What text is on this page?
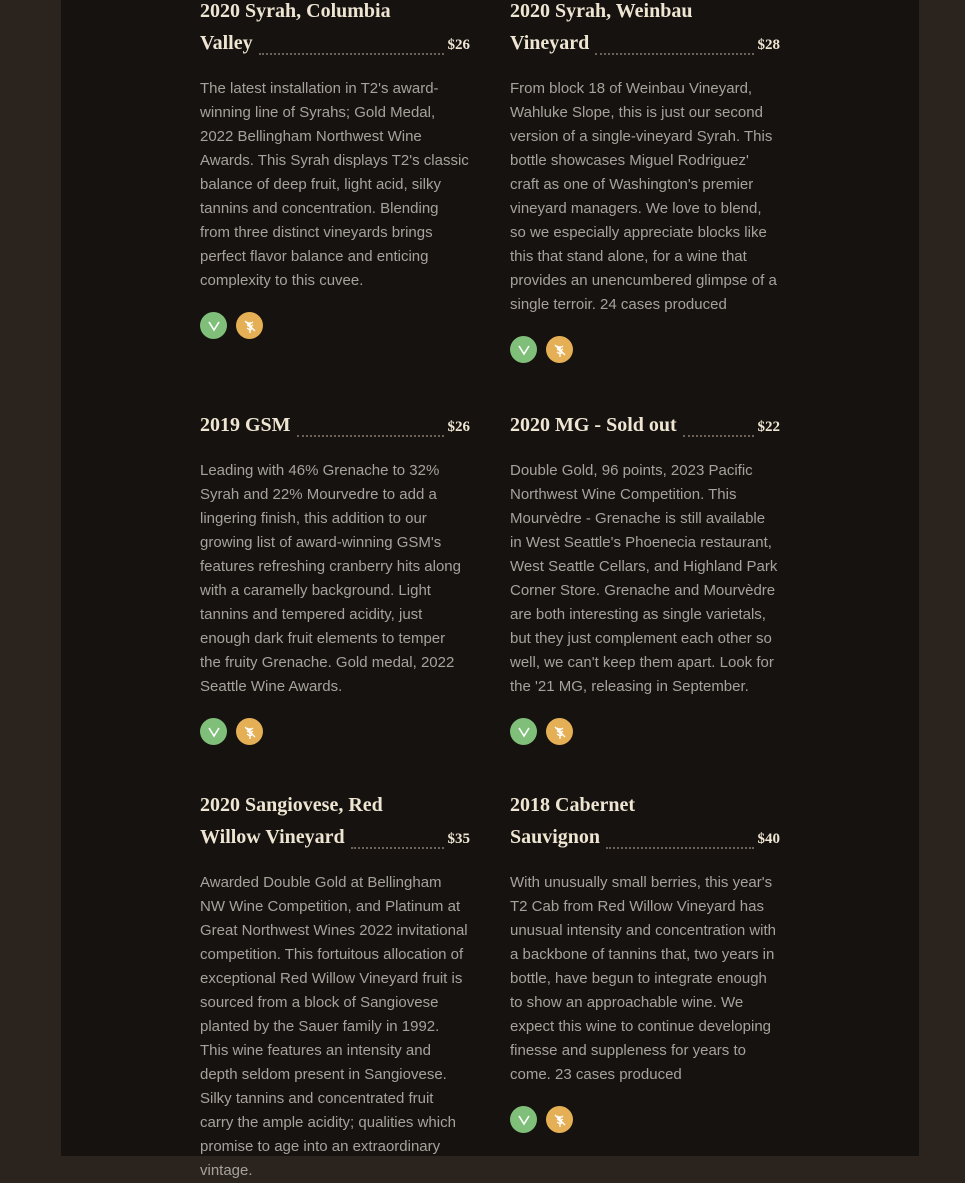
2020 Syrah, Columbia
Valley	$26
The latest installation in T2's award-winning line of Syrahs; Gold Medal, 2022 Bellingham Northwest Wine Awards. This Syrah displays T2's classic balance of deep fruit, light acid, silky tannins and concentration. Blending from three distinct vineyards brings perfect flavor balance and enticing complexity to this cuvee.
2020 Syrah, Weinbau
Vineyard	$28
From block 18 of Weinbau Vineyard, Wahluke Slope, this is just our second version of a single-vineyard Syrah. This bottle showcases Miguel Rodriguez' craft as one of Washington's premier vineyard managers. We love to blend, so we especially appreciate blocks like this that stand alone, for a wine that provides an unencumbered glimpse of a single terroir. 24 cases produced
2019 GSM	$26
Leading with 46% Grenache to 32% Syrah and 22% Mourvedre to add a lingering finish, this addition to our growing list of award-winning GSM's features refreshing cranberry hits along with a caramelly background. Light tannins and tempered acidity, just enough dark fruit elements to temper the fruity Grenache. Gold medal, 2022 Seattle Wine Awards.
2020 MG - Sold out	$22
Double Gold, 96 points, 2023 Pacific Northwest Wine Competition. This Mourvèdre - Grenache is still available in West Seattle's Phoenecia restaurant, West Seattle Cellars, and Highland Park Corner Store. Grenache and Mourvèdre are both interesting as single varietals, but they just complement each other so well, we can't keep them apart. Look for the '21 MG, releasing in September.
2020 Sangiovese, Red
Willow Vineyard	$35
Awarded Double Gold at Bellingham NW Wine Competition, and Platinum at Great Northwest Wines 2022 invitational competition. This fortuitous allocation of exceptional Red Willow Vineyard fruit is sourced from a block of Sangiovese planted by the Sauer family in 1992. This wine features an intensity and depth seldom present in Sangiovese. Silky tannins and concentrated fruit carry the ample acidity; qualities which promise to age into an extraordinary vintage.
2018 Cabernet
Sauvignon	$40
With unusually small berries, this year's T2 Cab from Red Willow Vineyard has unusual intensity and concentration with a backbone of tannins that, two years in bottle, have begun to integrate enough to show an approachable wine. We expect this wine to continue developing finesse and suppleness for years to come. 23 cases produced
